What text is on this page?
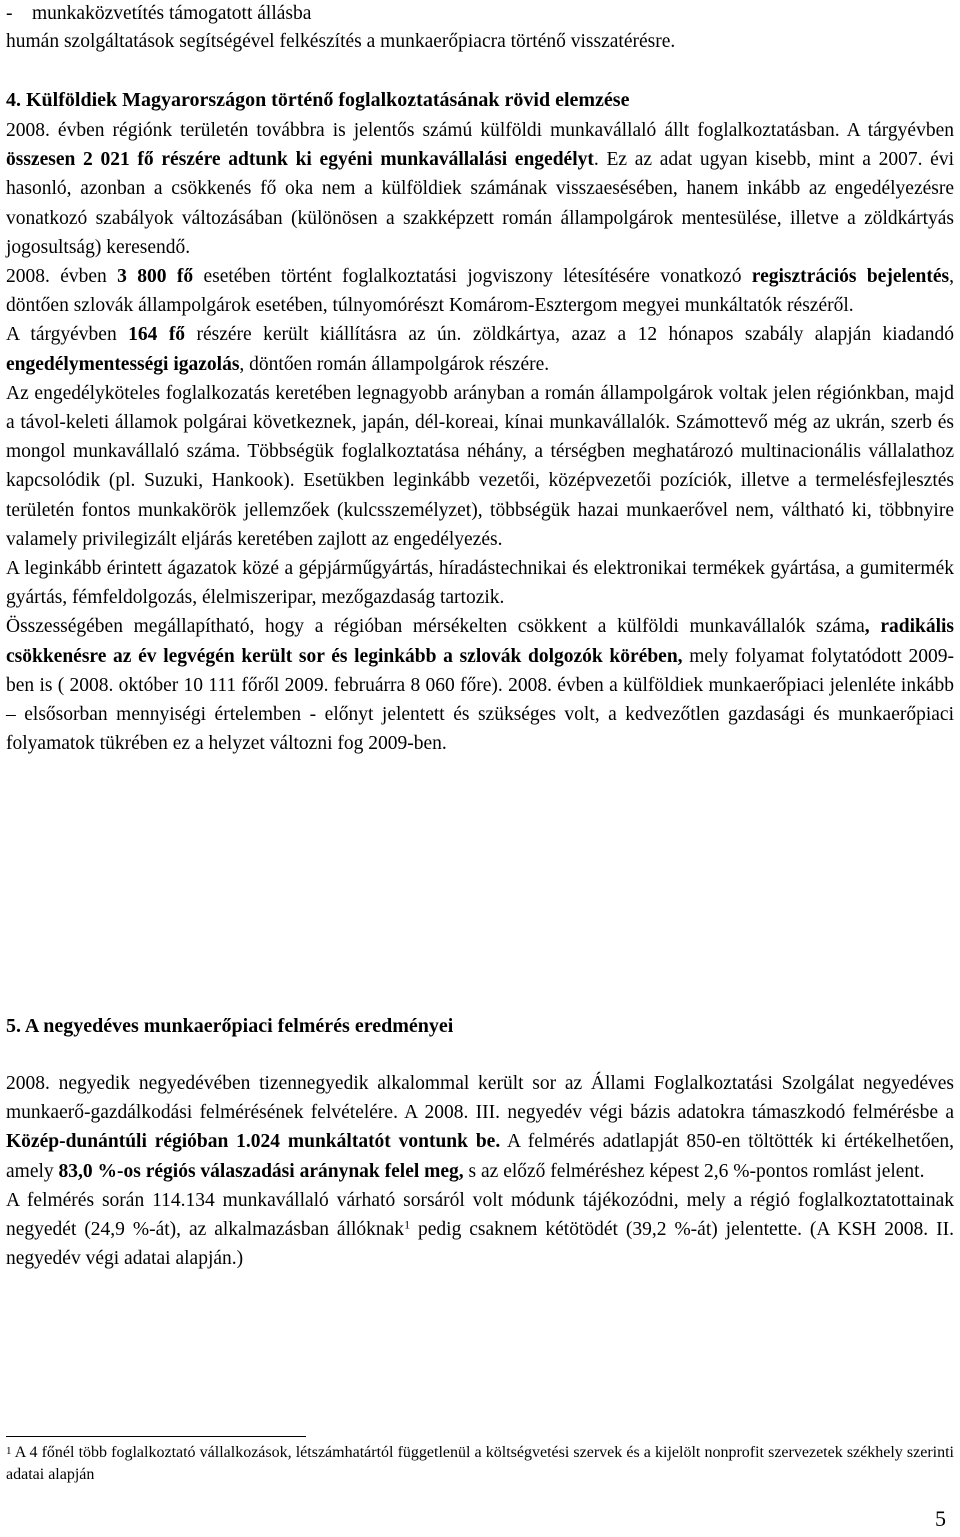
-    munkaközvetítés támogatott állásba
humán szolgáltatások segítségével felkészítés a munkaerőpiacra történő visszatérésre.
4. Külföldiek Magyarországon történő foglalkoztatásának rövid elemzése

2008. évben régiónk területén továbbra is jelentős számú külföldi munkavállaló állt foglalkoztatásban. A tárgyévben összesen 2 021 fő részére adtunk ki egyéni munkavállalási engedélyt. Ez az adat ugyan kisebb, mint a 2007. évi hasonló, azonban a csökkenés fő oka nem a külföldiek számának visszaesésében, hanem inkább az engedélyezésre vonatkozó szabályok változásában (különösen a szakképzett román állampolgárok mentesülése, illetve a zöldkártyás jogosultság) keresendő.

2008. évben 3 800 fő esetében történt foglalkoztatási jogviszony létesítésére vonatkozó regisztrációs bejelentés, döntően szlovák állampolgárok esetében, túlnyomórészt Komárom-Esztergom megyei munkáltatók részéről.

A tárgyévben 164 fő részére került kiállításra az ún. zöldkártya, azaz a 12 hónapos szabály alapján kiadandó engedélymentességi igazolás, döntően román állampolgárok részére.

Az engedélyköteles foglalkozatás keretében legnagyobb arányban a román állampolgárok voltak jelen régiónkban, majd a távol-keleti államok polgárai következnek, japán, dél-koreai, kínai munkavállalók. Számottevő még az ukrán, szerb és mongol munkavállaló száma. Többségük foglalkoztatása néhány, a térségben meghatározó multinacionális vállalathoz kapcsolódik (pl. Suzuki, Hankook). Esetükben leginkább vezetői, középvezetői pozíciók, illetve a termelésfejlesztés területén fontos munkakörök jellemzőek (kulcsszemélyzet), többségük hazai munkaerővel nem, váltható ki, többnyire valamely privilegizált eljárás keretében zajlott az engedélyezés.

A leginkább érintett ágazatok közé a gépjárműgyártás, híradástechnikai és elektronikai termékek gyártása, a gumitermék gyártás, fémfeldolgozás, élelmiszeripar, mezőgazdaság tartozik.

Összességében megállapítható, hogy a régióban mérsékelten csökkent a külföldi munkavállalók száma, radikális csökkenésre az év legvégén került sor és leginkább a szlovák dolgozók körében, mely folyamat folytatódott 2009-ben is ( 2008. október 10 111 főről 2009. februárra 8 060 főre). 2008. évben a külföldiek munkaerőpiaci jelenléte inkább – elsősorban mennyiségi értelemben - előnyt jelentett és szükséges volt, a kedvezőtlen gazdasági és munkaerőpiaci folyamatok tükrében ez a helyzet változni fog 2009-ben.

5. A negyedéves munkaerőpiaci felmérés eredményei

2008. negyedik negyedévében tizennegyedik alkalommal került sor az Állami Foglalkoztatási Szolgálat negyedéves munkaerő-gazdálkodási felmérésének felvételére. A 2008. III. negyedév végi bázis adatokra támaszkodó felmérésbe a Közép-dunántúli régióban 1.024 munkáltatót vontunk be. A felmérés adatlapját 850-en töltötték ki értékelhetően, amely 83,0 %-os régiós válaszadási aránynak felel meg, s az előző felméréshez képest 2,6 %-pontos romlást jelent.

A felmérés során 114.134 munkavállaló várható sorsáról volt módunk tájékozódni, mely a régió foglalkoztatottainak negyedét (24,9 %-át), az alkalmazásban állóknak$^1$ pedig csaknem kétötödét (39,2 %-át) jelentette. (A KSH 2008. II. negyedév végi adatai alapján.)

$^1$ A 4 főnél több foglalkoztató vállalkozások, létszámhatártól függetlenül a költségvetési szervek és a kijelölt nonprofit szervezetek székhely szerinti adatai alapján
5
